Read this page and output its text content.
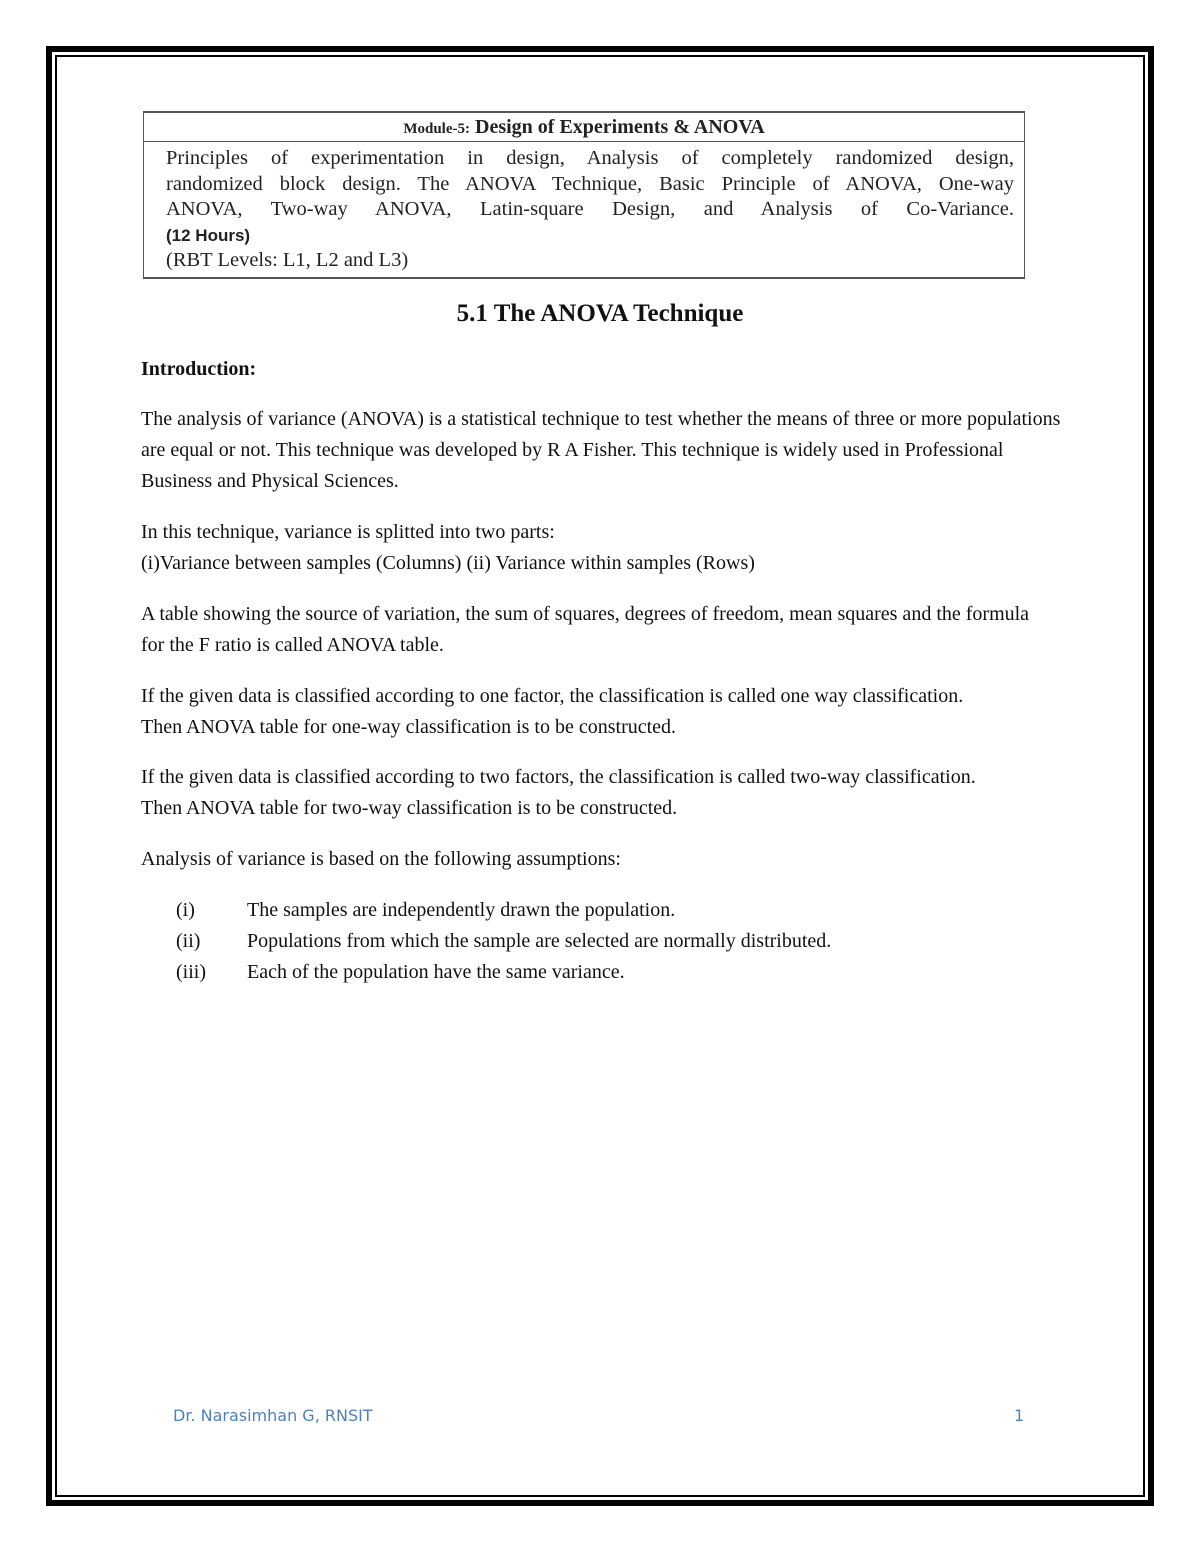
Module-5: Design of Experiments & ANOVA
Principles of experimentation in design, Analysis of completely randomized design,
randomized block design. The ANOVA Technique, Basic Principle of ANOVA, One-way
ANOVA, Two-way ANOVA, Latin-square Design, and Analysis of Co-Variance.
(12 Hours)
(RBT Levels: L1, L2 and L3)
5.1 The ANOVA Technique
Introduction:
The analysis of variance (ANOVA) is a statistical technique to test whether the means of three or more populations are equal or not. This technique was developed by R A Fisher. This technique is widely used in Professional Business and Physical Sciences.
In this technique, variance is splitted into two parts:
(i)Variance between samples (Columns) (ii) Variance within samples (Rows)
A table showing the source of variation, the sum of squares, degrees of freedom, mean squares and the formula for the F ratio is called ANOVA table.
If the given data is classified according to one factor, the classification is called one way classification. Then ANOVA table for one-way classification is to be constructed.
If the given data is classified according to two factors, the classification is called two-way classification. Then ANOVA table for two-way classification is to be constructed.
Analysis of variance is based on the following assumptions:
(i)	The samples are independently drawn the population.
(ii) Populations from which the sample are selected are normally distributed.
(iii) Each of the population have the same variance.
Dr. Narasimhan G, RNSIT	1
